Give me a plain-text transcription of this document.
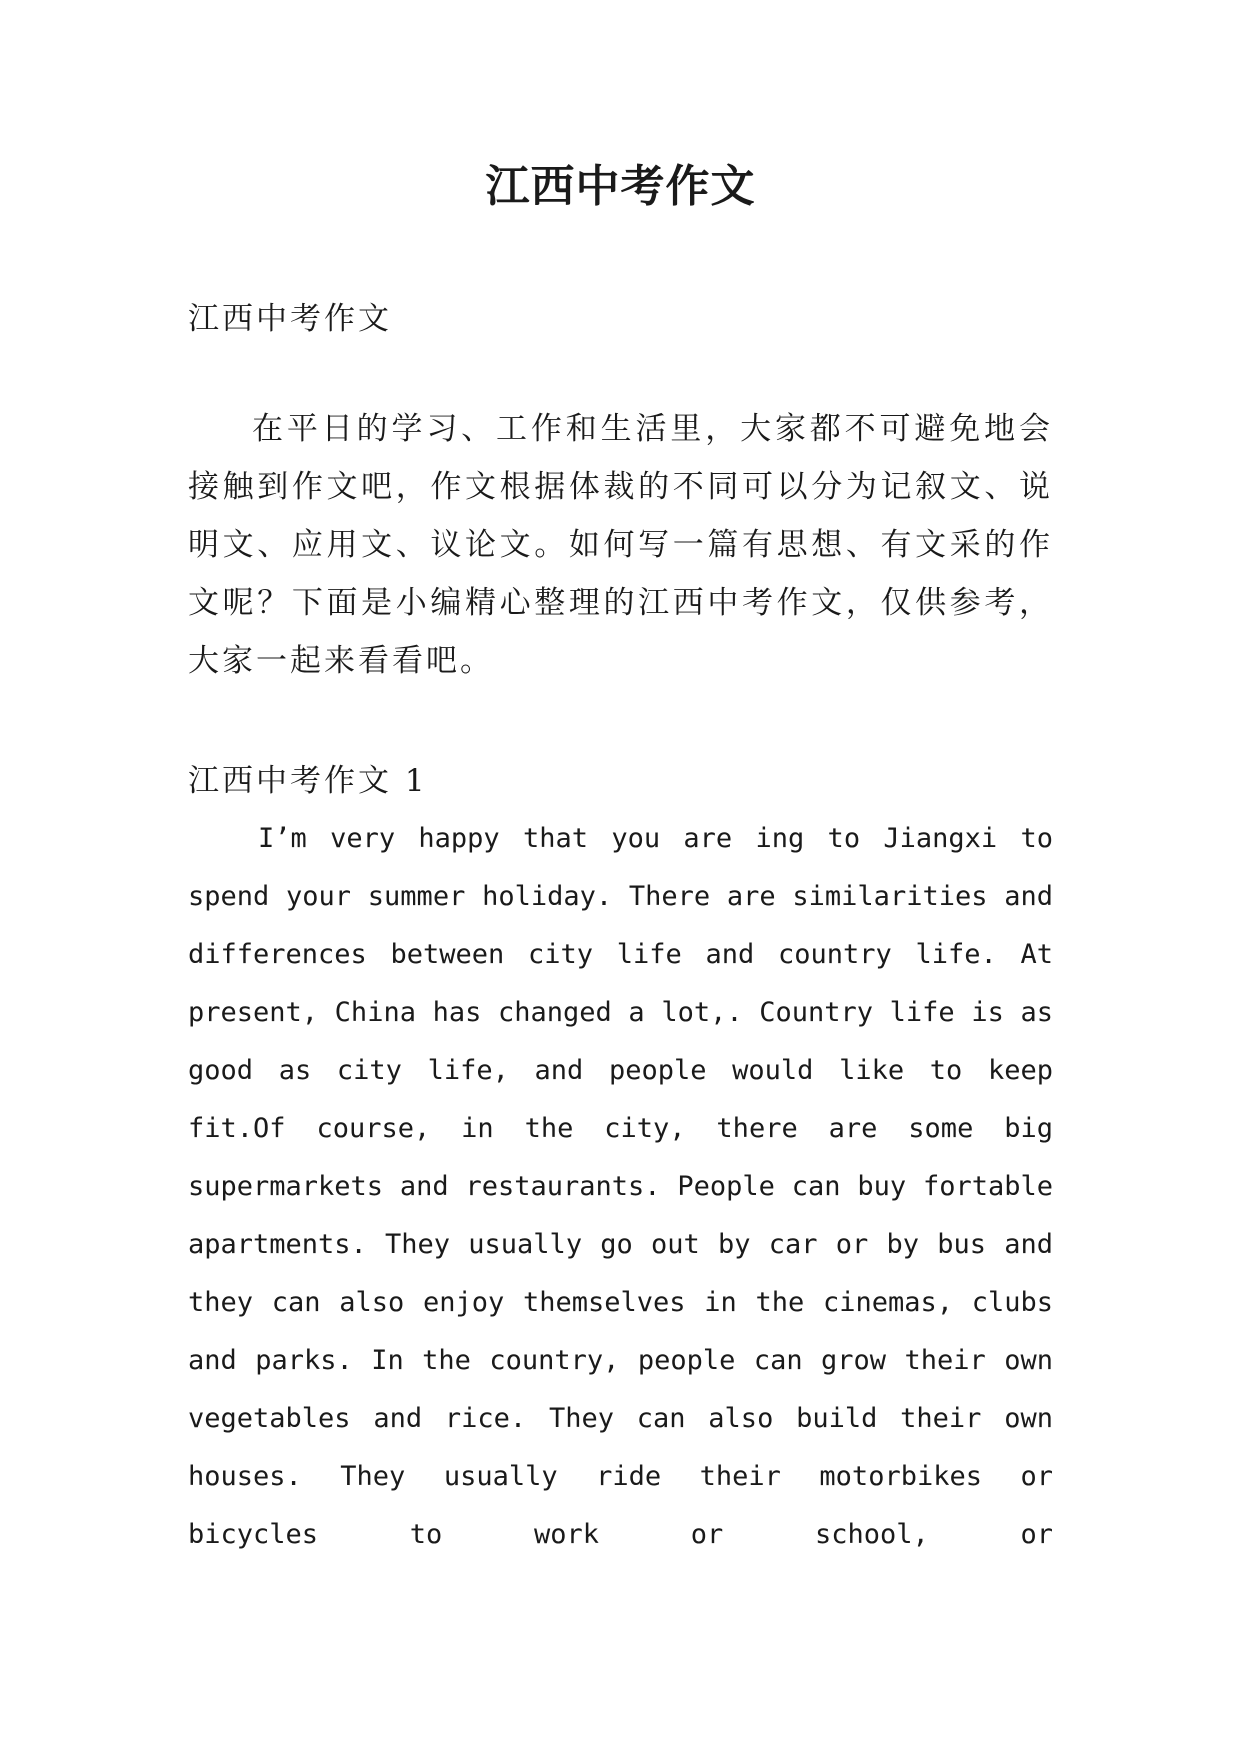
江西中考作文
江西中考作文

在平日的学习、工作和生活里，大家都不可避免地会接触到作文吧，作文根据体裁的不同可以分为记叙文、说明文、应用文、议论文。如何写一篇有思想、有文采的作文呢？下面是小编精心整理的江西中考作文，仅供参考，大家一起来看看吧。

江西中考作文 1

I’m very happy that you are ing to Jiangxi to spend your summer holiday. There are similarities and differences between city life and country life. At present, China has changed a lot,. Country life is as good as city life, and people would like to keep fit.Of course, in the city, there are some big supermarkets and restaurants. People can buy fortable apartments. They usually go out by car or by bus and they can also enjoy themselves in the cinemas, clubs and parks. In the country, people can grow their own vegetables and rice. They can also build their own houses. They usually ride their motorbikes or bicycles to work or school, or
